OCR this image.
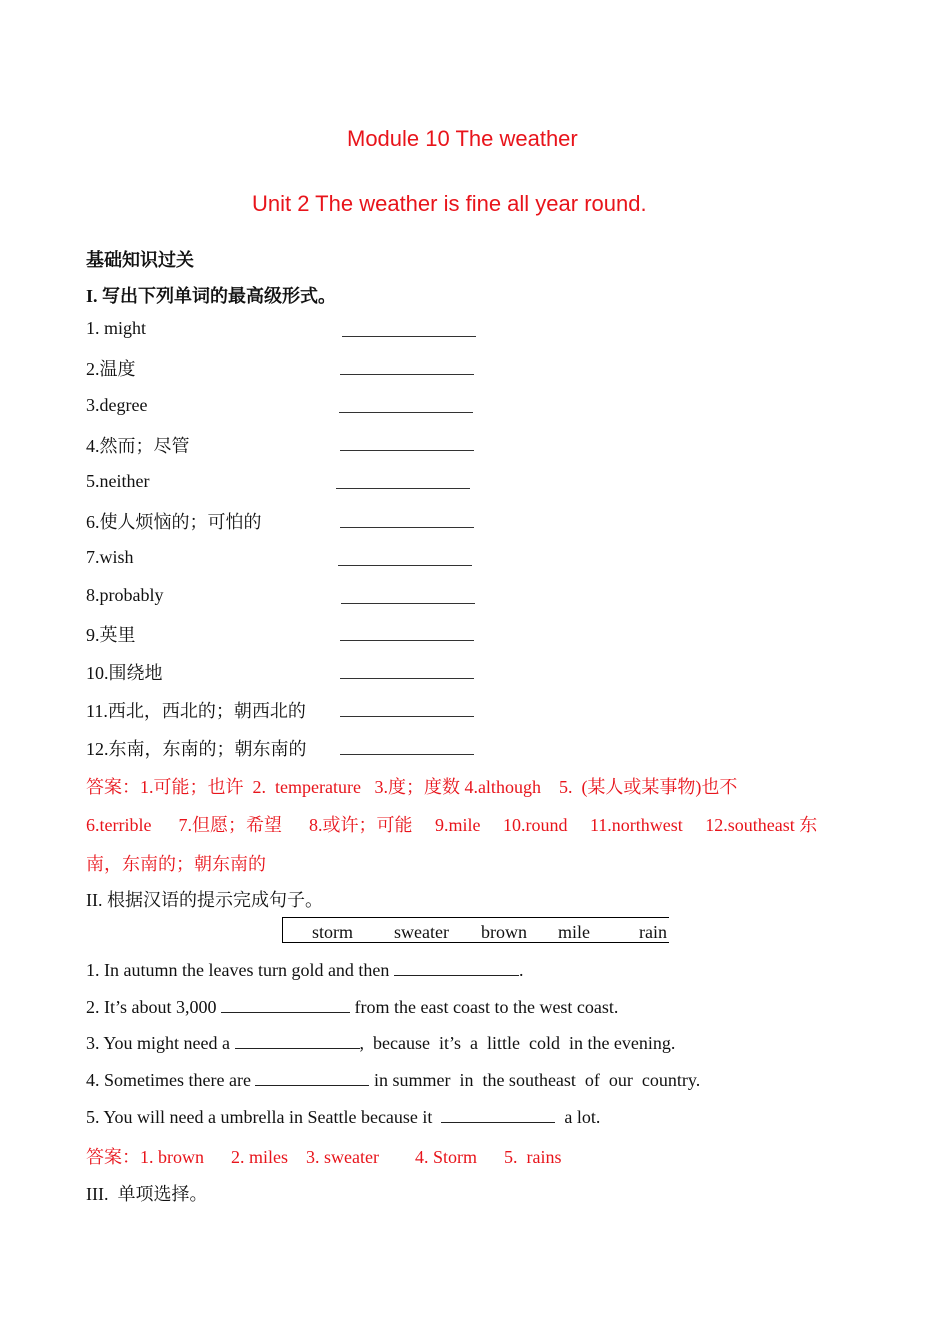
Module 10 The weather
Unit 2 The weather is fine all year round.
基础知识过关
I. 写出下列单词的最高级形式。
1. might
2.温度
3.degree
4.然而；尽管
5.neither
6.使人烦恼的；可怕的
7.wish
8.probably
9.英里
10.围绕地
11.西北，西北的；朝西北的
12.东南，东南的；朝东南的
答案：1.可能；也许  2.  temperature   3.度；度数 4.although    5.  (某人或某事物)也不
6.terrible      7.但愿；希望      8.或许；可能     9.mile     10.round     11.northwest     12.southeast 东
南，东南的；朝东南的
II. 根据汉语的提示完成句子。
storm sweater brown mile	rain
1. In autumn the leaves turn gold and then	.
2. It’s about 3,000	from the east coast to the west coast.
3. You might need a	,  because  it’s  a  little  cold  in the evening.
4. Sometimes there are	in summer  in  the southeast  of  our  country.
5. You will need a umbrella in Seattle because it	a lot.
答案：1. brown      2. miles    3. sweater        4. Storm      5.  rains
III.  单项选择。
